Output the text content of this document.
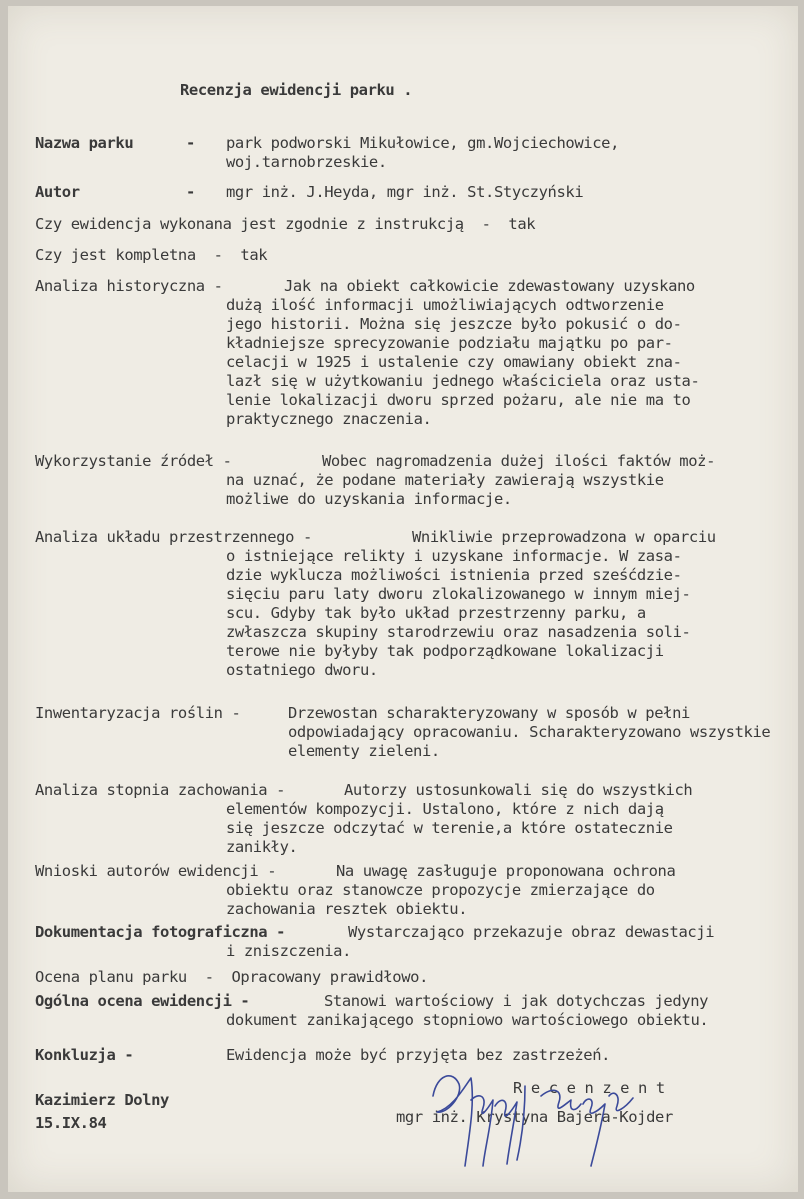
Recenzja ewidencji parku .
Nazwa parku	- park podworski Mikułowice, gm.Wojciechowice,
woj.tarnobrzeskie.
Autor	- mgr inż. J.Heyda, mgr inż. St.Styczyński
Czy ewidencja wykonana jest zgodnie z instrukcją  -  tak
Czy jest kompletna  -  tak
Analiza historyczna -	Jak na obiekt całkowicie zdewastowany uzyskano
dużą ilość informacji umożliwiających odtworzenie
jego historii. Można się jeszcze było pokusić o do-
kładniejsze sprecyzowanie podziału majątku po par-
celacji w 1925 i ustalenie czy omawiany obiekt zna-
lazł się w użytkowaniu jednego właściciela oraz usta-
lenie lokalizacji dworu sprzed pożaru, ale nie ma to
praktycznego znaczenia.
Wykorzystanie źródeł -	Wobec nagromadzenia dużej ilości faktów moż-
na uznać, że podane materiały zawierają wszystkie
możliwe do uzyskania informacje.
Analiza układu przestrzennego -	Wnikliwie przeprowadzona w oparciu
o istniejące relikty i uzyskane informacje. W zasa-
dzie wyklucza możliwości istnienia przed sześćdzie-
sięciu paru laty dworu zlokalizowanego w innym miej-
scu. Gdyby tak było układ przestrzenny parku, a
zwłaszcza skupiny starodrzewiu oraz nasadzenia soli-
terowe nie byłyby tak podporządkowane lokalizacji
ostatniego dworu.
Inwentaryzacja roślin -	Drzewostan scharakteryzowany w sposób w pełni
odpowiadający opracowaniu. Scharakteryzowano wszystkie
elementy zieleni.
Analiza stopnia zachowania -	Autorzy ustosunkowali się do wszystkich
elementów kompozycji. Ustalono, które z nich dają
się jeszcze odczytać w terenie,a które ostatecznie
zanikły.
Wnioski autorów ewidencji -	Na uwagę zasługuje proponowana ochrona
obiektu oraz stanowcze propozycje zmierzające do
zachowania resztek obiektu.
Dokumentacja fotograficzna -	Wystarczająco przekazuje obraz dewastacji
i zniszczenia.
Ocena planu parku  -  Opracowany prawidłowo.
Ogólna ocena ewidencji -	Stanowi wartościowy i jak dotychczas jedyny
dokument zanikającego stopniowo wartościowego obiektu.
Konkluzja -	Ewidencja może być przyjęta bez zastrzeżeń.
Kazimierz Dolny
15.IX.84
R e c e n z e n t
mgr inż. Krystyna Bajera-Kojder
